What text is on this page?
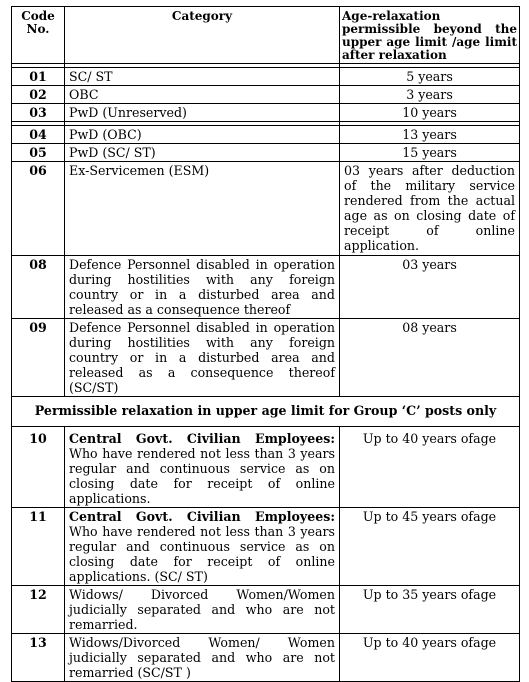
Code No.	Category	Age-relaxation permissible beyond the upper age limit /age limit after relaxation

01	SC/ ST	5 years
02	OBC	3 years
03	PwD (Unreserved)	10 years

04	PwD (OBC)	13 years
05	PwD (SC/ ST)	15 years
06	Ex-Servicemen (ESM)	03 years after deduction of the military service rendered from the actual age as on closing date of receipt of online application.
08	Defence Personnel disabled in operation during hostilities with any foreign country or in a disturbed area and released as a consequence thereof	03 years
09	Defence Personnel disabled in operation during hostilities with any foreign country or in a disturbed area and released as a consequence thereof (SC/ST)	08 years
Permissible relaxation in upper age limit for Group ‘C’ posts only		
10	Central Govt. Civilian Employees: Who have rendered not less than 3 years regular and continuous service as on closing date for receipt of online applications.	Up to 40 years ofage
11	Central Govt. Civilian Employees: Who have rendered not less than 3 years regular and continuous service as on closing date for receipt of online applications. (SC/ ST)	Up to 45 years ofage
12	Widows/ Divorced Women/Women judicially separated and who are not remarried.	Up to 35 years ofage
13	Widows/Divorced Women/ Women judicially separated and who are not remarried (SC/ST )	Up to 40 years ofage
